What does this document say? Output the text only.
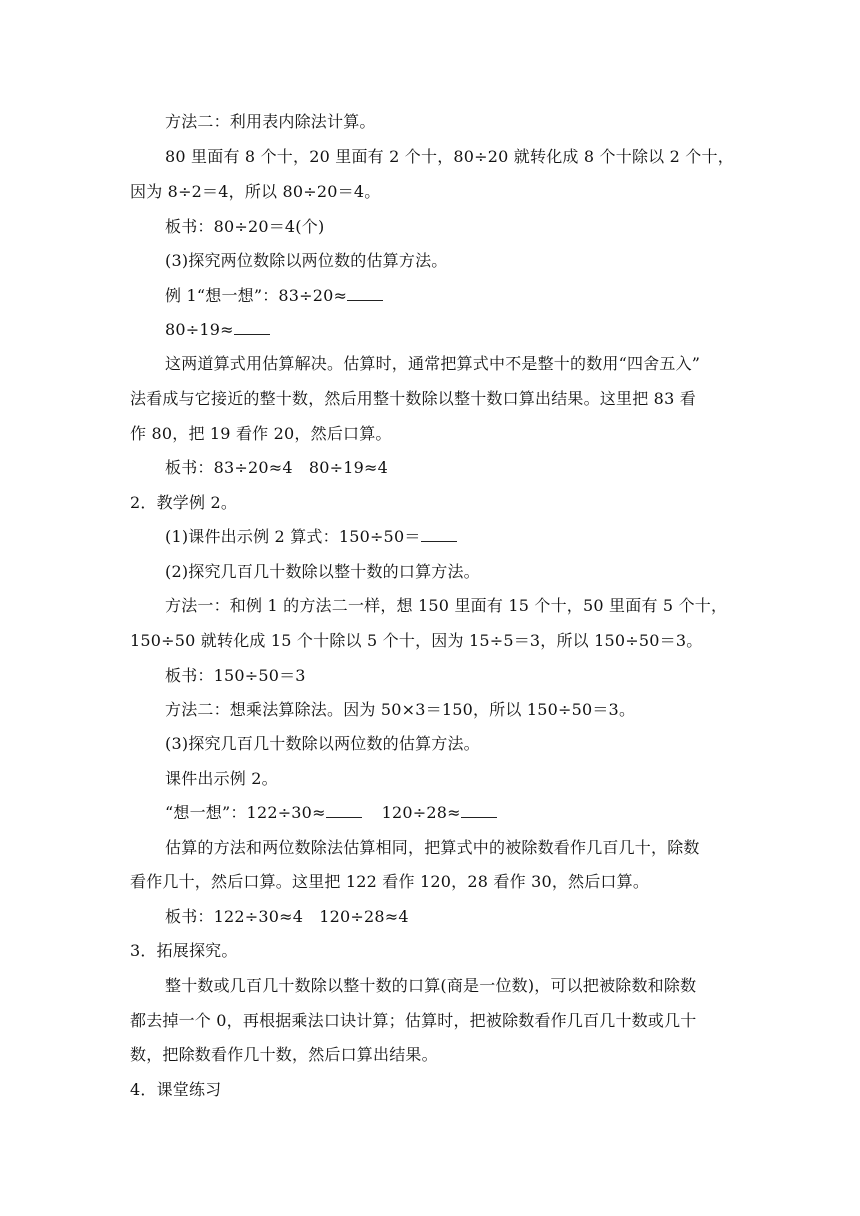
方法二：利用表内除法计算。
80 里面有 8 个十，20 里面有 2 个十，80÷20 就转化成 8 个十除以 2 个十，
因为 8÷2＝4，所以 80÷20＝4。
板书：80÷20＝4(个)
(3)探究两位数除以两位数的估算方法。
例 1“想一想”：83÷20≈
80÷19≈
这两道算式用估算解决。估算时，通常把算式中不是整十的数用“四舍五入”
法看成与它接近的整十数，然后用整十数除以整十数口算出结果。这里把 83 看
作 80，把 19 看作 20，然后口算。
板书：83÷20≈4　80÷19≈4
2．教学例 2。
(1)课件出示例 2 算式：150÷50＝
(2)探究几百几十数除以整十数的口算方法。
方法一：和例 1 的方法二一样，想 150 里面有 15 个十，50 里面有 5 个十，
150÷50 就转化成 15 个十除以 5 个十，因为 15÷5＝3，所以 150÷50＝3。
板书：150÷50＝3
方法二：想乘法算除法。因为 50×3＝150，所以 150÷50＝3。
(3)探究几百几十数除以两位数的估算方法。
课件出示例 2。
“想一想”：122÷30≈	120÷28≈
估算的方法和两位数除法估算相同，把算式中的被除数看作几百几十，除数
看作几十，然后口算。这里把 122 看作 120，28 看作 30，然后口算。
板书：122÷30≈4　120÷28≈4
3．拓展探究。
整十数或几百几十数除以整十数的口算(商是一位数)，可以把被除数和除数
都去掉一个 0，再根据乘法口诀计算；估算时，把被除数看作几百几十数或几十
数，把除数看作几十数，然后口算出结果。
4．课堂练习
